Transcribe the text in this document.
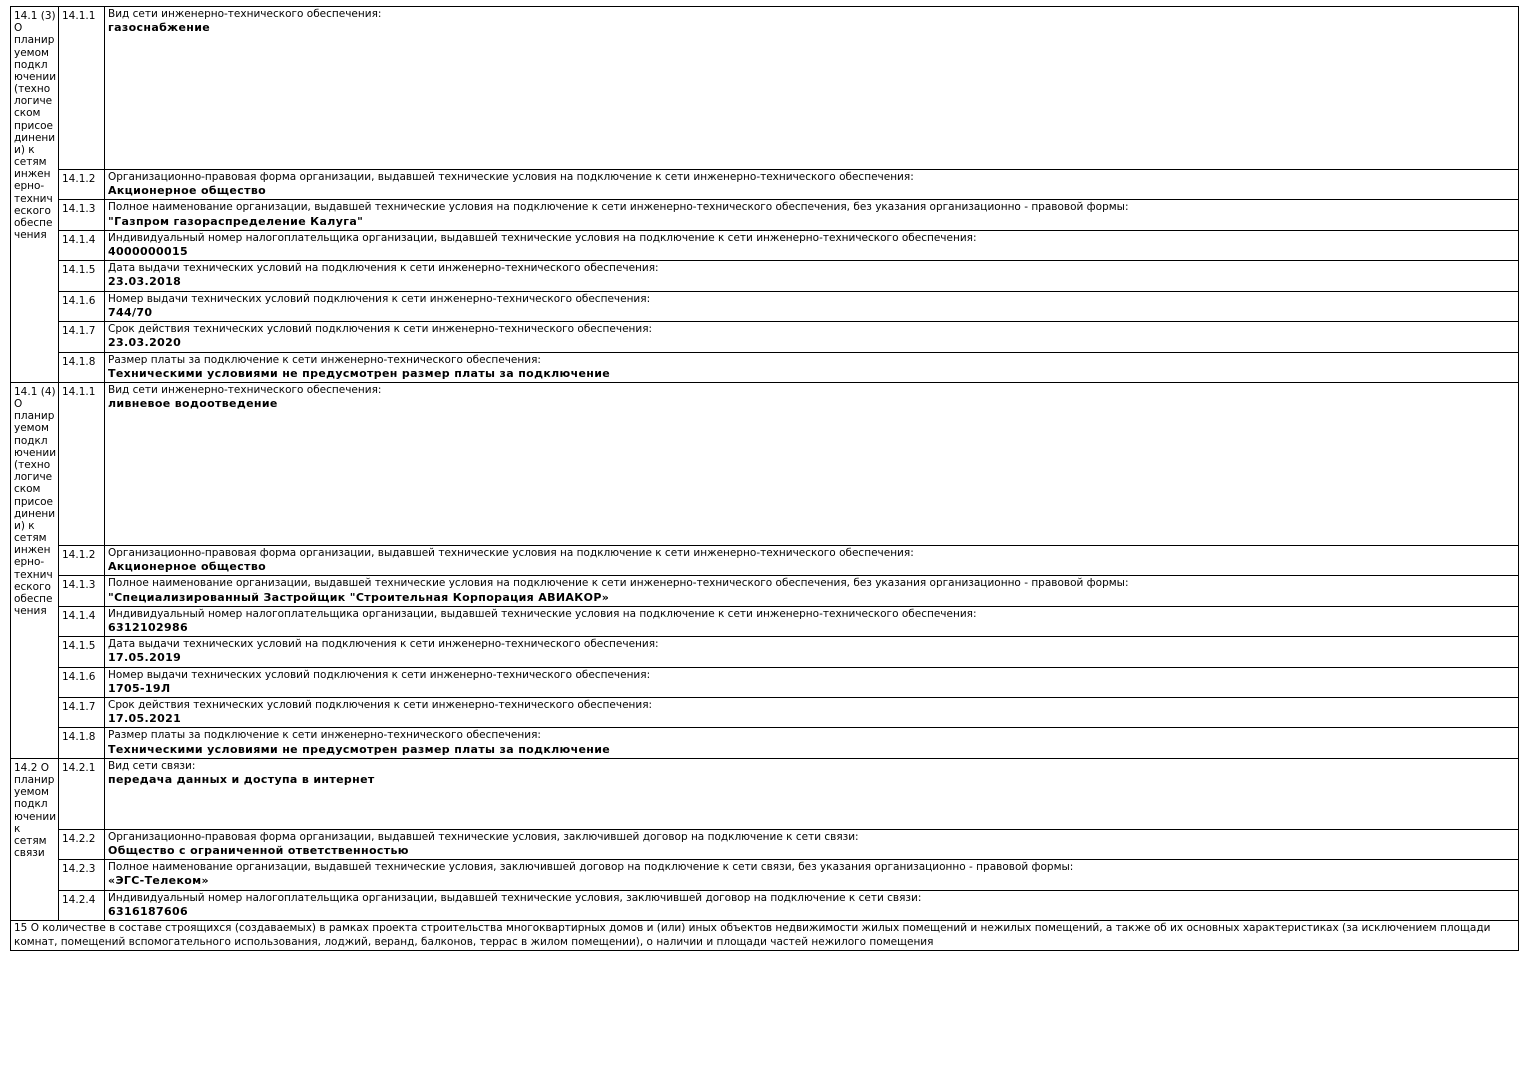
14.1 (3) О планируемом подключении (технологическом присоединении) к сетям инженерно-технического обеспечения	14.1.1	Вид сети инженерно-технического обеспечения:
газоснабжение

	14.1.2	Организационно-правовая форма организации, выдавшей технические условия на подключение к сети инженерно-технического обеспечения:
Акционерное общество

	14.1.3	Полное наименование организации, выдавшей технические условия на подключение к сети инженерно-технического обеспечения, без указания организационно - правовой формы:
"Газпром газораспределение Калуга"

	14.1.4	Индивидуальный номер налогоплательщика организации, выдавшей технические условия на подключение к сети инженерно-технического обеспечения:
4000000015

	14.1.5	Дата выдачи технических условий на подключения к сети инженерно-технического обеспечения:
23.03.2018

	14.1.6	Номер выдачи технических условий подключения к сети инженерно-технического обеспечения:
744/70

	14.1.7	Срок действия технических условий подключения к сети инженерно-технического обеспечения:
23.03.2020

	14.1.8	Размер платы за подключение к сети инженерно-технического обеспечения:
Техническими условиями не предусмотрен размер платы за подключение

14.1 (4) О планируемом подключении (технологическом присоединении) к сетям инженерно-технического обеспечения	14.1.1	Вид сети инженерно-технического обеспечения:
ливневое водоотведение

	14.1.2	Организационно-правовая форма организации, выдавшей технические условия на подключение к сети инженерно-технического обеспечения:
Акционерное общество

	14.1.3	Полное наименование организации, выдавшей технические условия на подключение к сети инженерно-технического обеспечения, без указания организационно - правовой формы:
"Специализированный Застройщик "Строительная Корпорация АВИАКОР»

	14.1.4	Индивидуальный номер налогоплательщика организации, выдавшей технические условия на подключение к сети инженерно-технического обеспечения:
6312102986

	14.1.5	Дата выдачи технических условий на подключения к сети инженерно-технического обеспечения:
17.05.2019

	14.1.6	Номер выдачи технических условий подключения к сети инженерно-технического обеспечения:
1705-19Л

	14.1.7	Срок действия технических условий подключения к сети инженерно-технического обеспечения:
17.05.2021

	14.1.8	Размер платы за подключение к сети инженерно-технического обеспечения:
Техническими условиями не предусмотрен размер платы за подключение

14.2 О планируемом подключении к сетям связи	14.2.1	Вид сети связи:
передача данных и доступа в интернет

	14.2.2	Организационно-правовая форма организации, выдавшей технические условия, заключившей договор на подключение к сети связи:
Общество с ограниченной ответственностью

	14.2.3	Полное наименование организации, выдавшей технические условия, заключившей договор на подключение к сети связи, без указания организационно - правовой формы:
«ЭГС-Телеком»

	14.2.4	Индивидуальный номер налогоплательщика организации, выдавшей технические условия, заключившей договор на подключение к сети связи:
6316187606

15 О количестве в составе строящихся (создаваемых) в рамках проекта строительства многоквартирных домов и (или) иных объектов недвижимости жилых помещений и нежилых помещений, а также об их основных характеристиках (за исключением площади комнат, помещений вспомогательного использования, лоджий, веранд, балконов, террас в жилом помещении), о наличии и площади частей нежилого помещения		
